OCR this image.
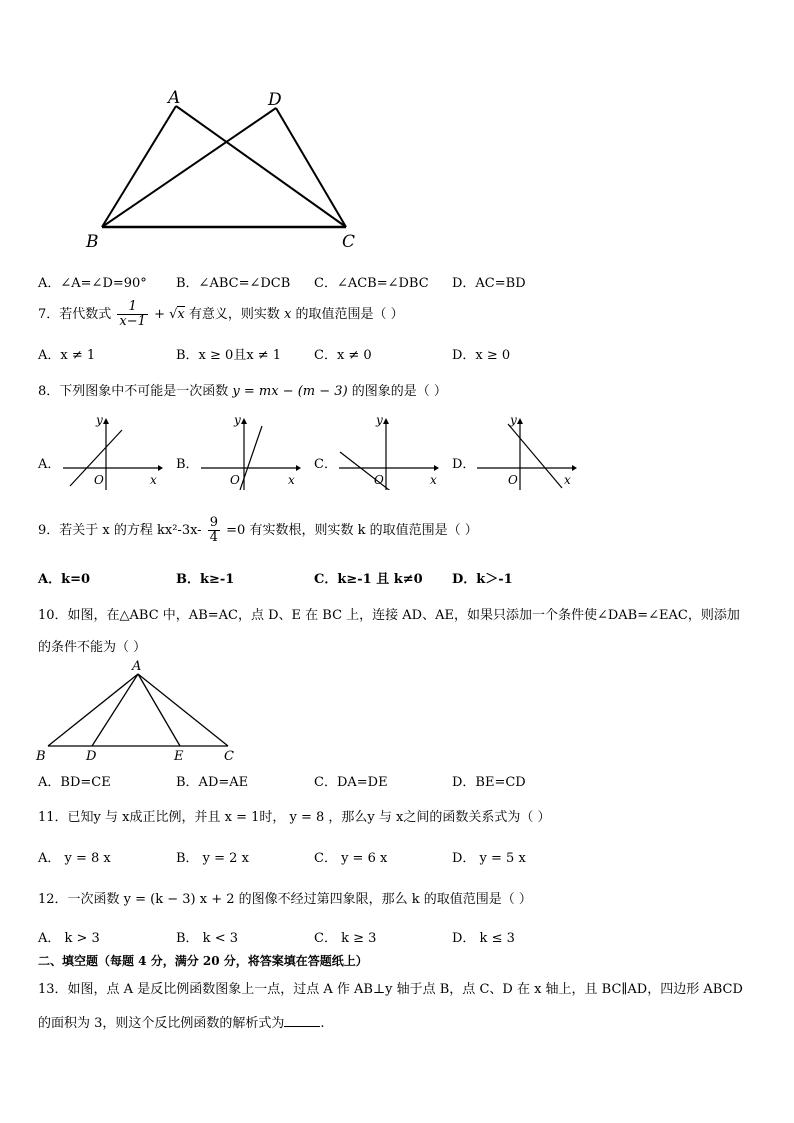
A	D
B	C
A．∠A=∠D=90° B．∠ABC=∠DCB C．∠ACB=∠DBC D．AC=BD
7．若代数式 $\frac{1}{x-1} + √x$ 有意义，则实数 x 的取值范围是（ ）
A．x ≠ 1	B．x ≥ 0且x ≠ 1	C．x ≠ 0	D．x ≥ 0
8．下列图象中不可能是一次函数 y = mx − (m − 3) 的图象的是（ ）
A．
O	x
y
B．
O	x
y
C．
O	x
y
D．
O	x
y
9．若关于 x 的方程 $kx^2-3x- \frac{9}{4} =0$ 有实数根，则实数 k 的取值范围是（ ）
A．k=0	B．k≥-1	C．k≥-1 且 k≠0 D．k＞-1
10．如图，在△ABC 中，AB=AC，点 D、E 在 BC 上，连接 AD、AE，如果只添加一个条件使∠DAB=∠EAC，则添加
的条件不能为（ ）
A
B	D	E	C
A．BD=CE	B．AD=AE	C．DA=DE	D．BE=CD
11．已知y 与 x成正比例，并且 x = 1时， y = 8 ，那么y 与 x之间的函数关系式为（ ）
A． y = 8 x	B． y = 2 x	C． y = 6 x	D． y = 5 x
12．一次函数 y = (k − 3) x + 2 的图像不经过第四象限，那么 k 的取值范围是（ ）
A． k > 3	B． k < 3	C． k ≥ 3	D． k ≤ 3
二、填空题（每题 4 分，满分 20 分，将答案填在答题纸上）
13．如图，点 A 是反比例函数图象上一点，过点 A 作 AB⊥y 轴于点 B，点 C、D 在 x 轴上，且 BC∥AD，四边形 ABCD
的面积为 3，则这个反比例函数的解析式为	.
